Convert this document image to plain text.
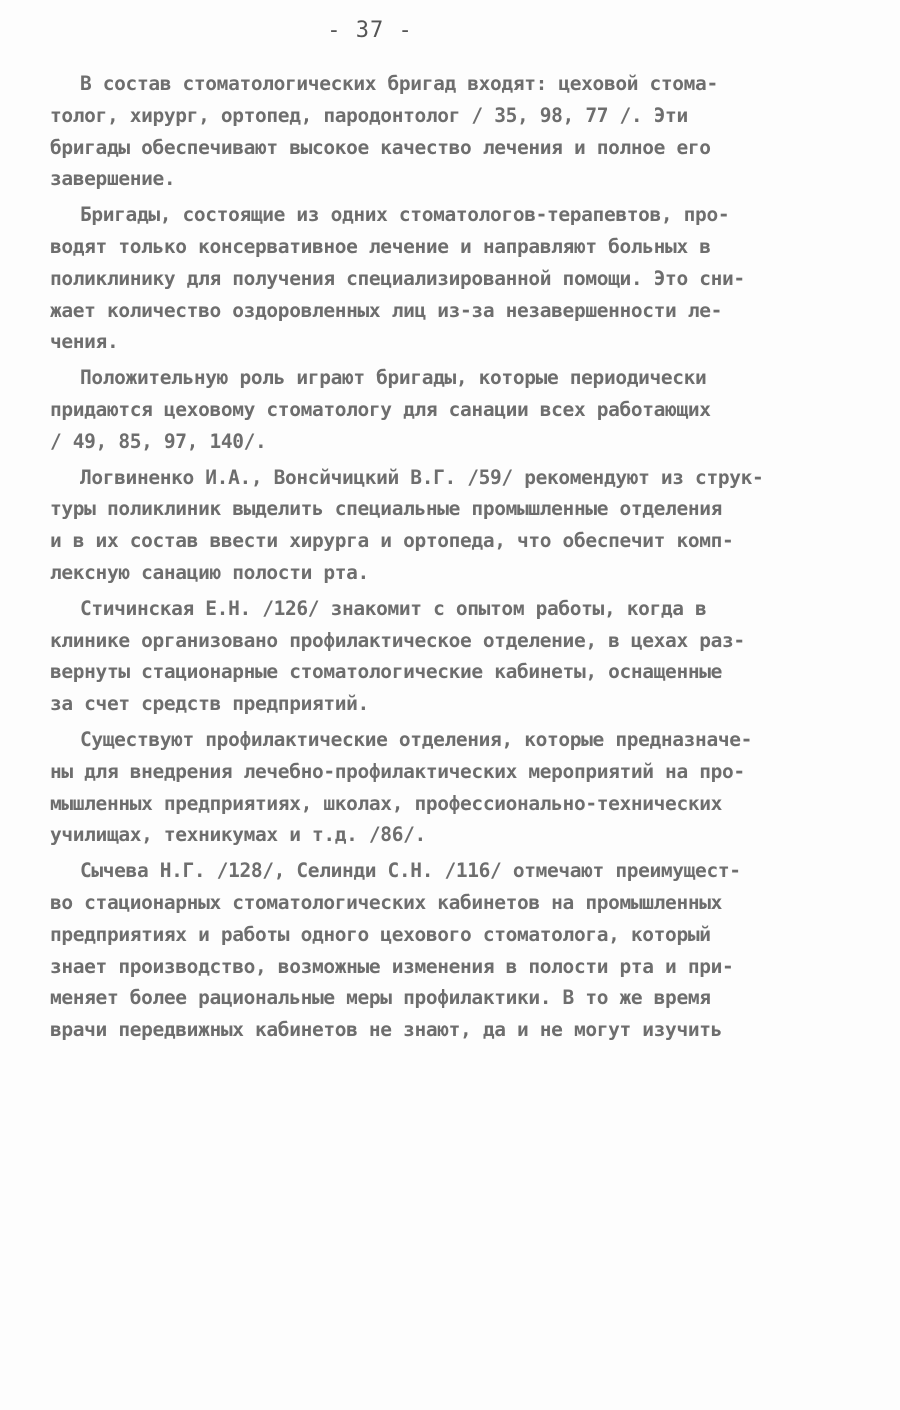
- 37 -
В состав стоматологических бригад входят: цеховой стома-
толог, хирург, ортопед, пародонтолог / 35, 98, 77 /. Эти
бригады обеспечивают высокое качество лечения и полное его
завершение.
Бригады, состоящие из одних стоматологов-терапевтов, про-
водят только консервативное лечение и направляют больных в
поликлинику для получения специализированной помощи. Это сни-
жает количество оздоровленных лиц из-за незавершенности ле-
чения.
Положительную роль играют бригады, которые периодически
придаются цеховому стоматологу для санации всех работающих
/ 49, 85, 97, 140/.
Логвиненко И.А., Вонсйчицкий В.Г. /59/ рекомендуют из струк-
туры поликлиник выделить специальные промышленные отделения
и в их состав ввести хирурга и ортопеда, что обеспечит комп-
лексную санацию полости рта.
Стичинская Е.Н. /126/ знакомит с опытом работы, когда в
клинике организовано профилактическое отделение, в цехах раз-
вернуты стационарные стоматологические кабинеты, оснащенные
за счет средств предприятий.
Существуют профилактические отделения, которые предназначе-
ны для внедрения лечебно-профилактических мероприятий на про-
мышленных предприятиях, школах, профессионально-технических
училищах, техникумах и т.д. /86/.
Сычева Н.Г. /128/, Селинди С.Н. /116/ отмечают преимущест-
во стационарных стоматологических кабинетов на промышленных
предприятиях и работы одного цехового стоматолога, который
знает производство, возможные изменения в полости рта и при-
меняет более рациональные меры профилактики. В то же время
врачи передвижных кабинетов не знают, да и не могут изучить
